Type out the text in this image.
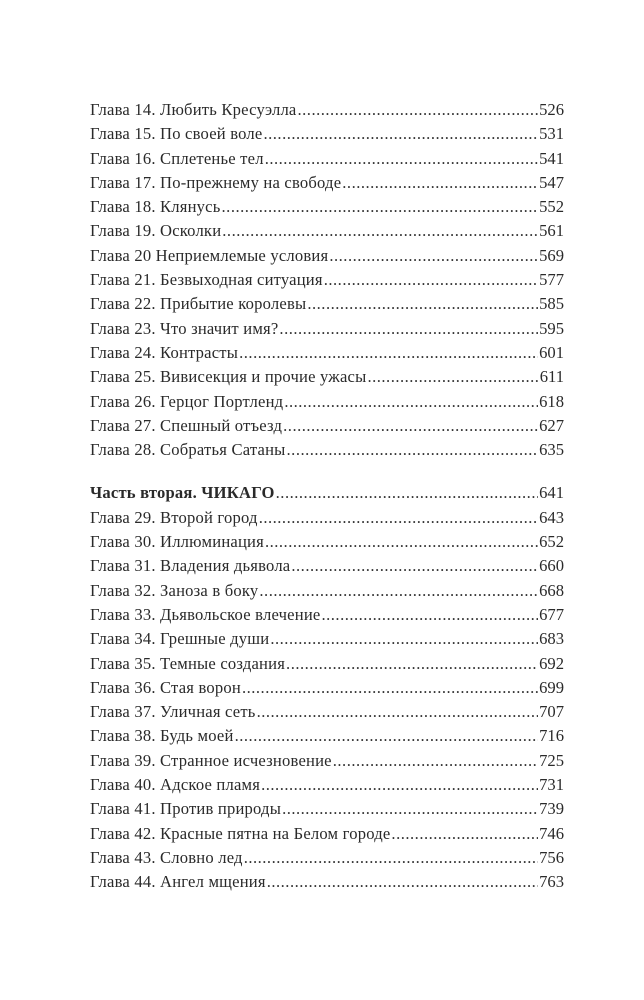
Глава 14. Любить Кресуэлла .....	526
Глава 15. По своей воле .....	531
Глава 16. Сплетенье тел .....	541
Глава 17. По-прежнему на свободе .....	547
Глава 18. Клянусь .....	552
Глава 19. Осколки .....	561
Глава 20 Неприемлемые условия .....	569
Глава 21. Безвыходная ситуация .....	577
Глава 22. Прибытие королевы .....	585
Глава 23. Что значит имя? .....	595
Глава 24. Контрасты .....	601
Глава 25. Вивисекция и прочие ужасы .....	611
Глава 26. Герцог Портленд .....	618
Глава 27. Спешный отъезд .....	627
Глава 28. Собратья Сатаны .....	635
Часть вторая. ЧИКАГО .....	641
Глава 29. Второй город .....	643
Глава 30. Иллюминация .....	652
Глава 31. Владения дьявола .....	660
Глава 32. Заноза в боку .....	668
Глава 33. Дьявольское влечение .....	677
Глава 34. Грешные души .....	683
Глава 35. Темные создания .....	692
Глава 36. Стая ворон .....	699
Глава 37. Уличная сеть .....	707
Глава 38. Будь моей .....	716
Глава 39. Странное исчезновение .....	725
Глава 40. Адское пламя .....	731
Глава 41. Против природы .....	739
Глава 42. Красные пятна на Белом городе .....	746
Глава 43. Словно лед .....	756
Глава 44. Ангел мщения .....	763
